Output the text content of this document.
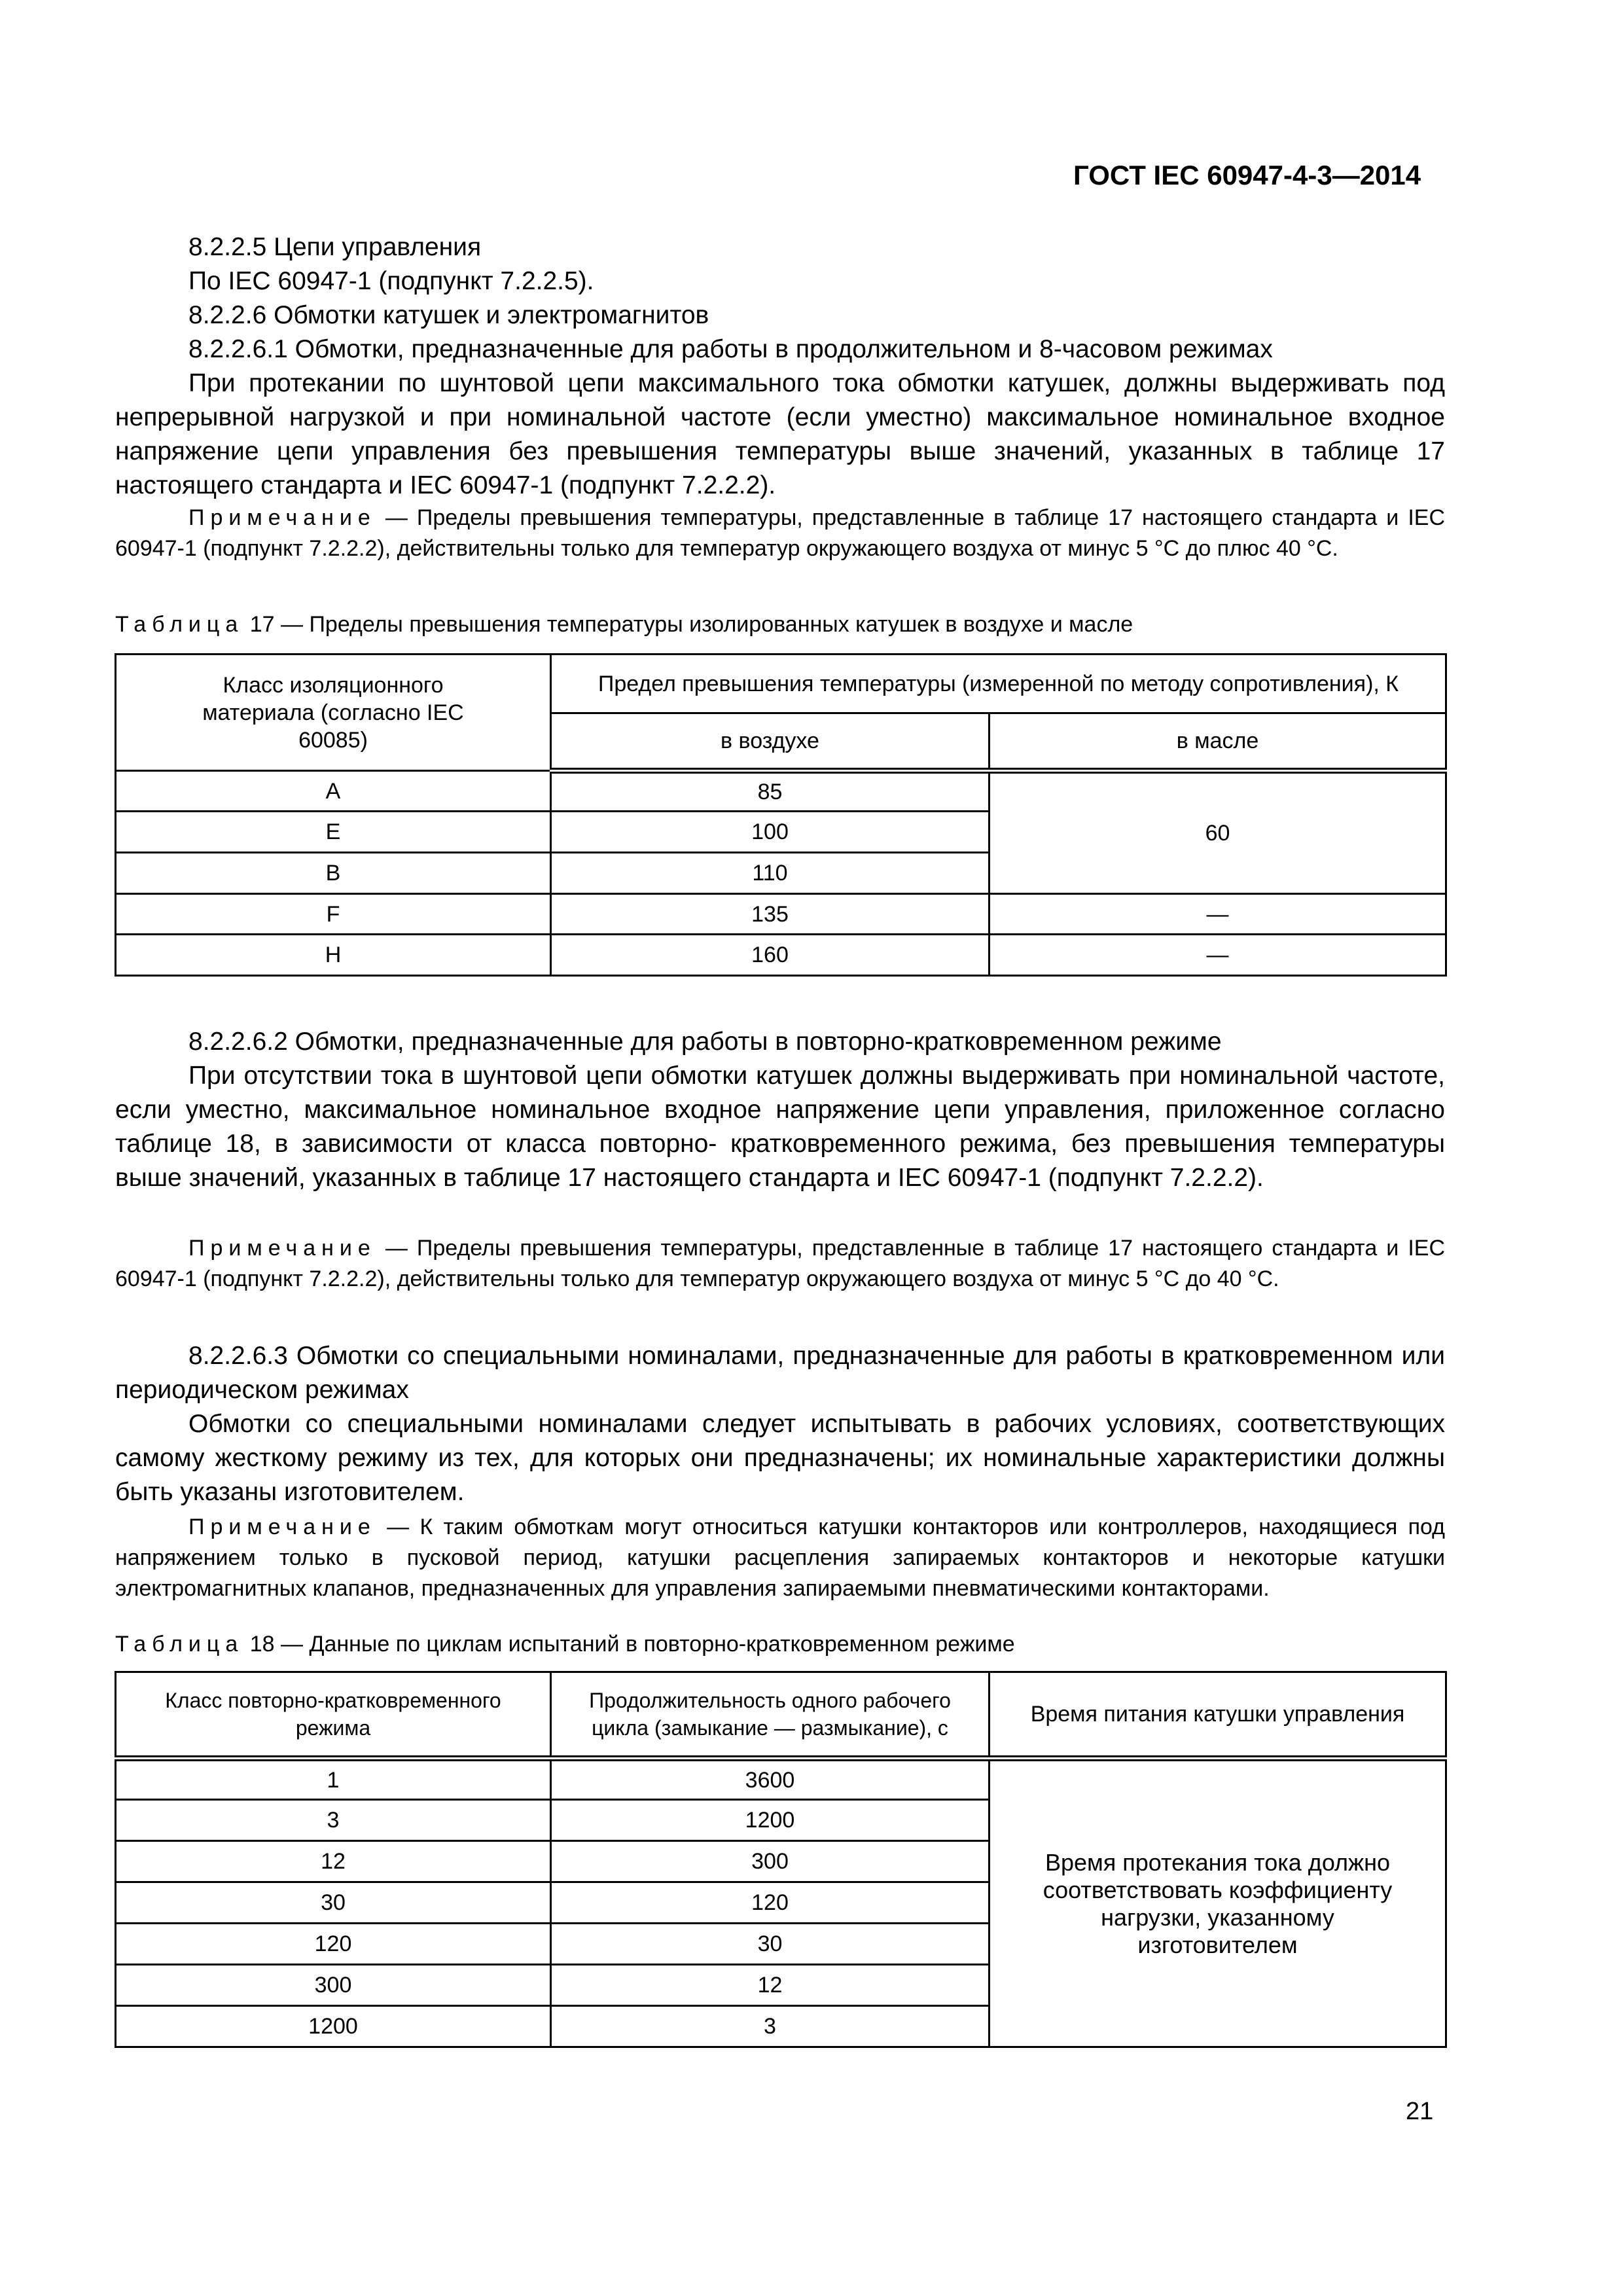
ГОСТ IEC 60947-4-3—2014

8.2.2.5 Цепи управления

По IEC 60947-1 (подпункт 7.2.2.5).

8.2.2.6 Обмотки катушек и электромагнитов

8.2.2.6.1 Обмотки, предназначенные для работы в продолжительном и 8-часовом режимах

При протекании по шунтовой цепи максимального тока обмотки катушек, должны выдерживать под непрерывной нагрузкой и при номинальной частоте (если уместно) максимальное номинальное входное напряжение цепи управления без превышения температуры выше значений, указанных в таблице 17 настоящего стандарта и IEC 60947-1 (подпункт 7.2.2.2).

Примечание — Пределы превышения температуры, представленные в таблице 17 настоящего стандарта и IEC 60947-1 (подпункт 7.2.2.2), действительны только для температур окружающего воздуха от минус 5 °С до плюс 40 °С.

Таблица 17 — Пределы превышения температуры изолированных катушек в воздухе и масле

Класс изоляционного материала (согласно IEC 60085)	Предел превышения температуры (измеренной по методу сопротивления), К	
	в воздухе	в масле
A	85	60
E	100	
B	110	
F	135	—
H	160	—

8.2.2.6.2 Обмотки, предназначенные для работы в повторно-кратковременном режиме

При отсутствии тока в шунтовой цепи обмотки катушек должны выдерживать при номинальной частоте, если уместно, максимальное номинальное входное напряжение цепи управления, приложенное согласно таблице 18, в зависимости от класса повторно- кратковременного режима, без превышения температуры выше значений, указанных в таблице 17 настоящего стандарта и IEC 60947-1 (подпункт 7.2.2.2).

Примечание — Пределы превышения температуры, представленные в таблице 17 настоящего стандарта и IEC 60947-1 (подпункт 7.2.2.2), действительны только для температур окружающего воздуха от минус 5 °С до 40 °С.

8.2.2.6.3 Обмотки со специальными номиналами, предназначенные для работы в кратковременном или периодическом режимах

Обмотки со специальными номиналами следует испытывать в рабочих условиях, соответствующих самому жесткому режиму из тех, для которых они предназначены; их номинальные характеристики должны быть указаны изготовителем.

Примечание — К таким обмоткам могут относиться катушки контакторов или контроллеров, находящиеся под напряжением только в пусковой период, катушки расцепления запираемых контакторов и некоторые катушки электромагнитных клапанов, предназначенных для управления запираемыми пневматическими контакторами.

Таблица 18 — Данные по циклам испытаний в повторно-кратковременном режиме

Класс повторно-кратковременного режима	Продолжительность одного рабочего цикла (замыкание — размыкание), с	Время питания катушки управления
1	3600	Время протекания тока должно соответствовать коэффициенту нагрузки, указанному изготовителем
3	1200	
12	300	
30	120	
120	30	
300	12	
1200	3	
21
